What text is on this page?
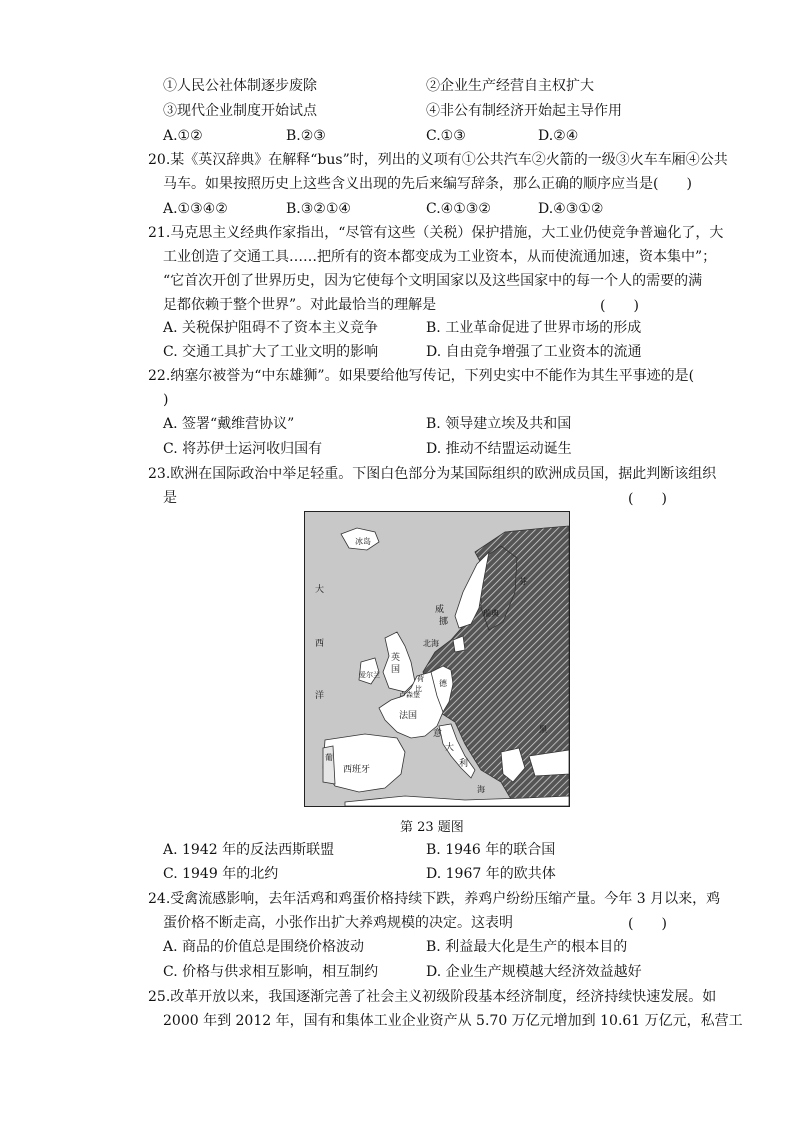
①人民公社体制逐步废除	②企业生产经营自主权扩大
③现代企业制度开始试点	④非公有制经济开始起主导作用
A.①②	B.②③	C.①③	D.②④
20.某《英汉辞典》在解释“bus”时，列出的义项有①公共汽车②火箭的一级③火车车厢④公共
马车。如果按照历史上这些含义出现的先后来编写辞条，那么正确的顺序应当是(　　)
A.①③④②	B.③②①④	C.④①③②	D.④③①②
21.马克思主义经典作家指出，“尽管有这些（关税）保护措施，大工业仍使竞争普遍化了，大
工业创造了交通工具……把所有的资本都变成为工业资本，从而使流通加速，资本集中”；
“它首次开创了世界历史，因为它使每个文明国家以及这些国家中的每一个人的需要的满
足都依赖于整个世界”。对此最恰当的理解是	(　　)
A. 关税保护阻碍不了资本主义竞争	B. 工业革命促进了世界市场的形成
C. 交通工具扩大了工业文明的影响	D. 自由竞争增强了工业资本的流通
22.纳塞尔被誉为“中东雄狮”。如果要给他写传记，下列史实中不能作为其生平事迹的是(
)
A. 签署“戴维营协议”	B. 领导建立埃及共和国
C. 将苏伊士运河收归国有	D. 推动不结盟运动诞生
23.欧洲在国际政治中举足轻重。下图白色部分为某国际组织的欧洲成员国，据此判断该组织
是	(　　)
冰岛
大
西
洋
北海
英
国
爱尔兰
威
挪
瑞典
芬
荷
比
卢森堡
法国
西班牙
葡
意
大
利
德
海
黑
第 23 题图
A. 1942 年的反法西斯联盟	B. 1946 年的联合国
C. 1949 年的北约	D. 1967 年的欧共体
24.受禽流感影响，去年活鸡和鸡蛋价格持续下跌，养鸡户纷纷压缩产量。今年 3 月以来，鸡
蛋价格不断走高，小张作出扩大养鸡规模的决定。这表明	(　　)
A. 商品的价值总是围绕价格波动	B. 利益最大化是生产的根本目的
C. 价格与供求相互影响，相互制约	D. 企业生产规模越大经济效益越好
25.改革开放以来，我国逐渐完善了社会主义初级阶段基本经济制度，经济持续快速发展。如
2000 年到 2012 年，国有和集体工业企业资产从 5.70 万亿元增加到 10.61 万亿元，私营工
